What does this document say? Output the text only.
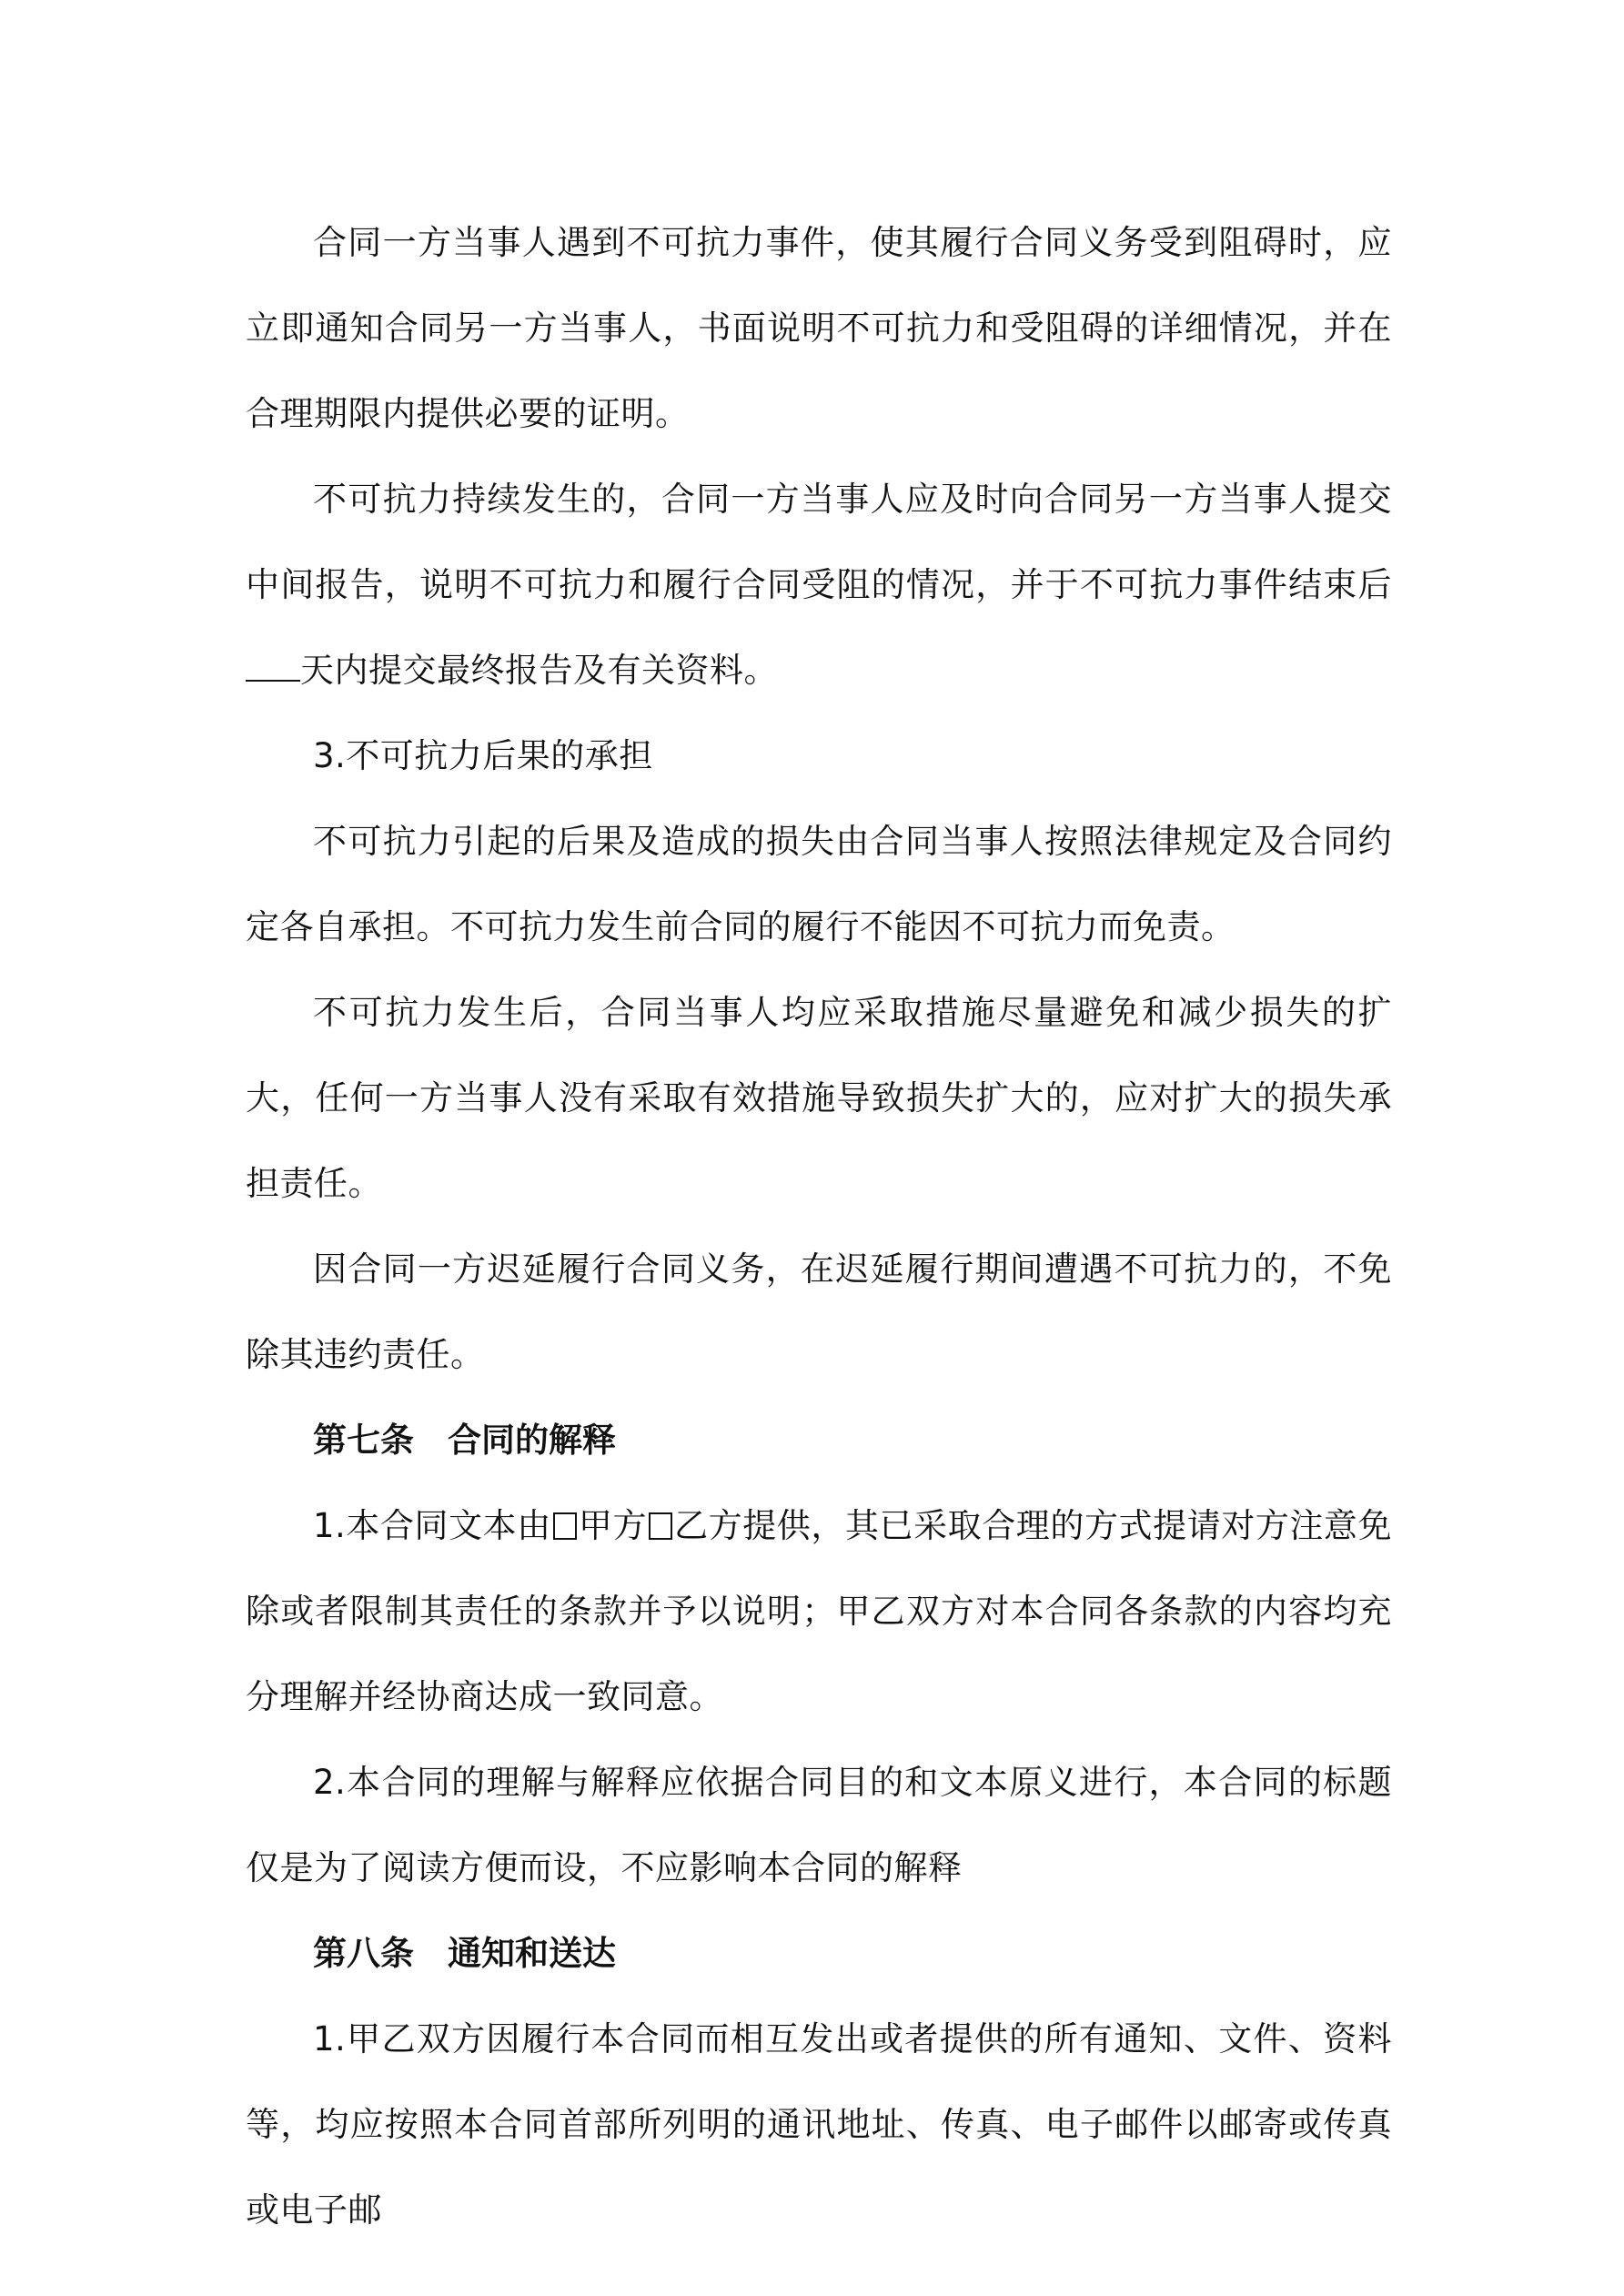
合同一方当事人遇到不可抗力事件，使其履行合同义务受到阻碍时，应立即通知合同另一方当事人，书面说明不可抗力和受阻碍的详细情况，并在合理期限内提供必要的证明。

不可抗力持续发生的，合同一方当事人应及时向合同另一方当事人提交中间报告，说明不可抗力和履行合同受阻的情况，并于不可抗力事件结束后天内提交最终报告及有关资料。

3.不可抗力后果的承担

不可抗力引起的后果及造成的损失由合同当事人按照法律规定及合同约定各自承担。不可抗力发生前合同的履行不能因不可抗力而免责。

不可抗力发生后，合同当事人均应采取措施尽量避免和减少损失的扩大，任何一方当事人没有采取有效措施导致损失扩大的，应对扩大的损失承担责任。

因合同一方迟延履行合同义务，在迟延履行期间遭遇不可抗力的，不免除其违约责任。

第七条 合同的解释

1.本合同文本由 甲方 乙方提供，其已采取合理的方式提请对方注意免除或者限制其责任的条款并予以说明；甲乙双方对本合同各条款的内容均充分理解并经协商达成一致同意。

2.本合同的理解与解释应依据合同目的和文本原义进行，本合同的标题仅是为了阅读方便而设，不应影响本合同的解释

第八条 通知和送达

1.甲乙双方因履行本合同而相互发出或者提供的所有通知、文件、资料等，均应按照本合同首部所列明的通讯地址、传真、电子邮件以邮寄或传真或电子邮
